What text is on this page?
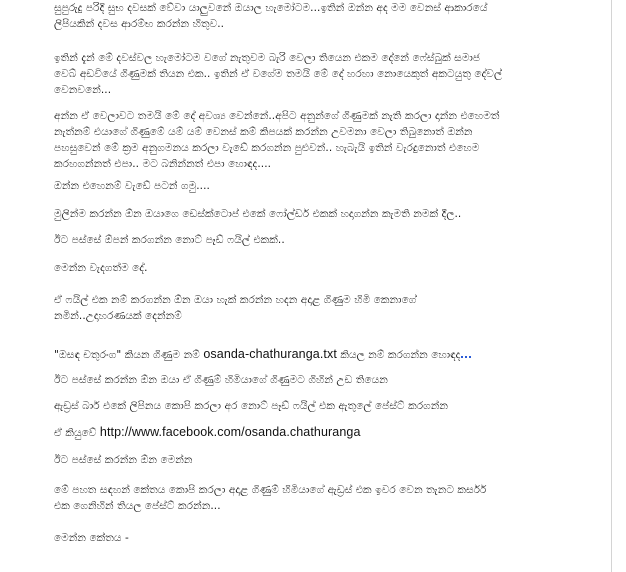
සුපුරුදු පරිදි සුභ දවසක් වේවා යාලුවනේ ඔයාල හැමෝටම...ඉතින් ඔන්න අද මම වෙනස් ආකාරයේ
ලිපියකින් දවස ආරම්භ කරන්න හිතුව..
ඉතින් දැන් මේ දවස්වල හැමෝටම වගේ නැතුවම බැරි වෙලා තියෙන එකම දේනේ ෆේස්බුක් සමාජ
වෙබ් අඩවියේ ගිණුමක් තියන එක.. ඉතින් ඒ වගේම තමයි මේ දේ හරහා නොයෙකුත් අකටයුතු දේවල්
වෙනවනේ...
අන්න ඒ වෙලාවට තමයි මේ දේ අවශ්‍ය වෙන්නේ..අපිට අනුන්ගේ ගිණුමක් නැති කරලා දාන්න එහෙමත්
නැත්නම් එයාගේ ගිණුමේ යම් යම් වෙනස් කම් කිපයක් කරන්න උවමනා වෙලා තිබුනොත් ඔන්න
පහසුවෙන් මේ ක්‍රම අනුගමනය කරලා වැඩේ කරගන්න පුළුවන්.. හැබැයි ඉතින් වැරදුනොත් එහෙම
කරහගන්නත් එපා.. මට බනින්නත් එපා හොඳද....
ඔන්න එහෙනම් වැඩේ පටන් ගමු....
මුලින්ම කරන්න ඕන ඔයාගෙ ඩෙස්ක්ටොප් එකේ ෆෝල්ඩර් එකක් හදාගන්න කැමති නමක් දීල..
ඊට පස්සේ ඕපන් කරගන්න නොට් පෑඩ් ෆයිල් එකක්..
මෙන්න වැදගත්ම දේ.
ඒ ෆයිල් එක නම් කරගන්න ඕන ඔයා හැක් කරන්න හදන අදාළ ගිණුම හිමි කෙනාගේ
නමින්..උදාහරණයක් දෙන්නම්
"ඔසඳ චතුරංග" කියන ගිණුම නම් osanda-chathuranga.txt කියල නම් කරගන්න හොඳද
ඊට පස්සේ කරන්න ඕන ඔයා ඒ ගිණුම් හිමියාගේ ගිණුමට ගිහින් උඩ තියෙන
ඇඩ්‍රස් බාර් එකේ ලිපිනය කොපි කරලා අර නොට් පෑඩ් ෆයිල් එක ඇතුලේ පේස්ට් කරගන්න
ඒ කියුවේ http://www.facebook.com/osanda.chathuranga
ඊට පස්සේ කරන්න ඕන මෙන්න
මේ පහත සඳහන් කේතය කොපි කරලා අදාළ ගිණුම් හිමියාගේ ඇඩ්‍රස් එක ඉවර වෙන තැනට කර්සර්
එක ගෙනිහින් තියල පේස්ට් කරන්න...
මෙන්න කේතය -
